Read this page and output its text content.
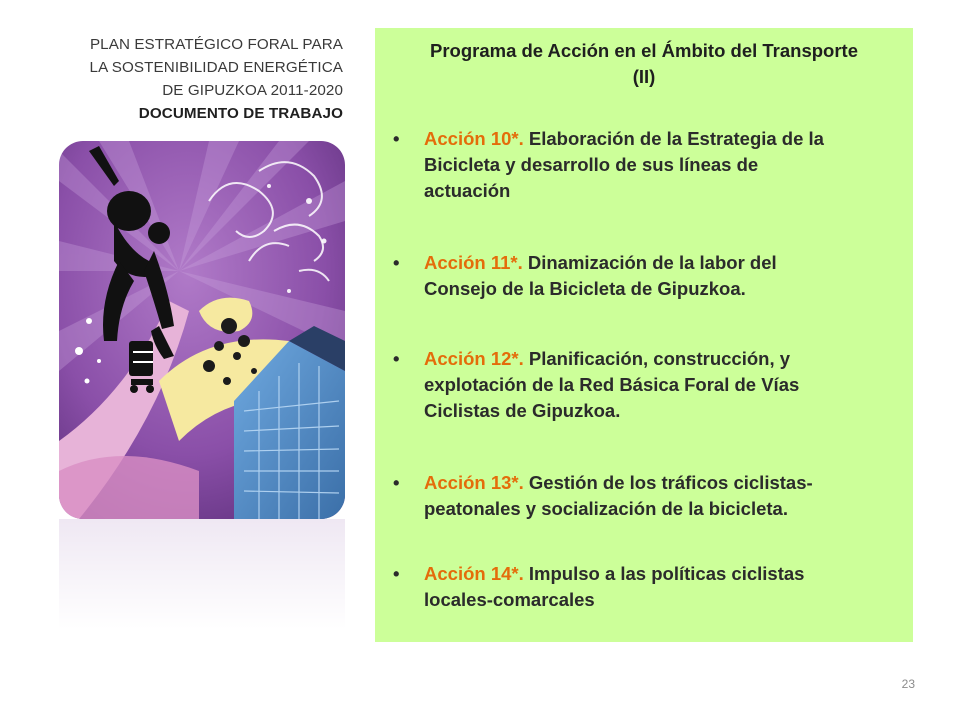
PLAN ESTRATÉGICO FORAL PARA
LA SOSTENIBILIDAD ENERGÉTICA
DE GIPUZKOA 2011-2020
DOCUMENTO DE TRABAJO
Programa de Acción en el Ámbito del Transporte
(II)
•	Acción 10*. Elaboración de la Estrategia de la
Bicicleta y desarrollo de sus líneas de
actuación
•	Acción 11*. Dinamización de la labor del
Consejo de la Bicicleta de Gipuzkoa.
•	Acción 12*. Planificación, construcción, y
explotación de la Red Básica Foral de Vías
Ciclistas de Gipuzkoa.
•	Acción 13*. Gestión de los tráficos ciclistas-
peatonales y socialización de la bicicleta.
•	Acción 14*. Impulso a las políticas ciclistas
locales-comarcales
23
